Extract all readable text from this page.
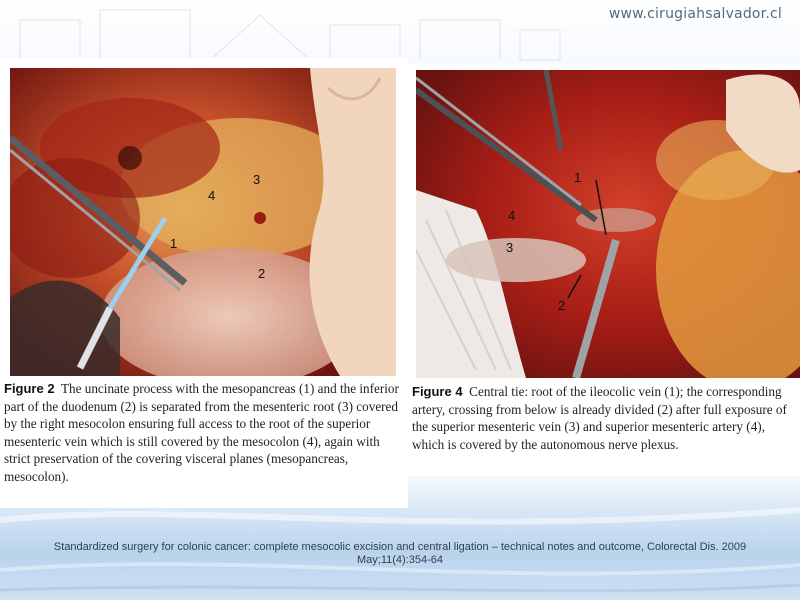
www.cirugiahsalvador.cl
1
2
3
4
Figure 2 The uncinate process with the mesopancreas (1) and the inferior part of the duodenum (2) is separated from the mesenteric root (3) covered by the right mesocolon ensuring full access to the root of the superior mesenteric vein which is still covered by the mesocolon (4), again with strict preservation of the covering visceral planes (mesopancreas, mesocolon).
1
2
3
4
Figure 4 Central tie: root of the ileocolic vein (1); the corresponding artery, crossing from below is already divided (2) after full exposure of the superior mesenteric vein (3) and superior mesenteric artery (4), which is covered by the autonomous nerve plexus.
Standardized surgery for colonic cancer: complete mesocolic excision and central ligation – technical notes and outcome, Colorectal Dis. 2009 May;11(4):354-64
